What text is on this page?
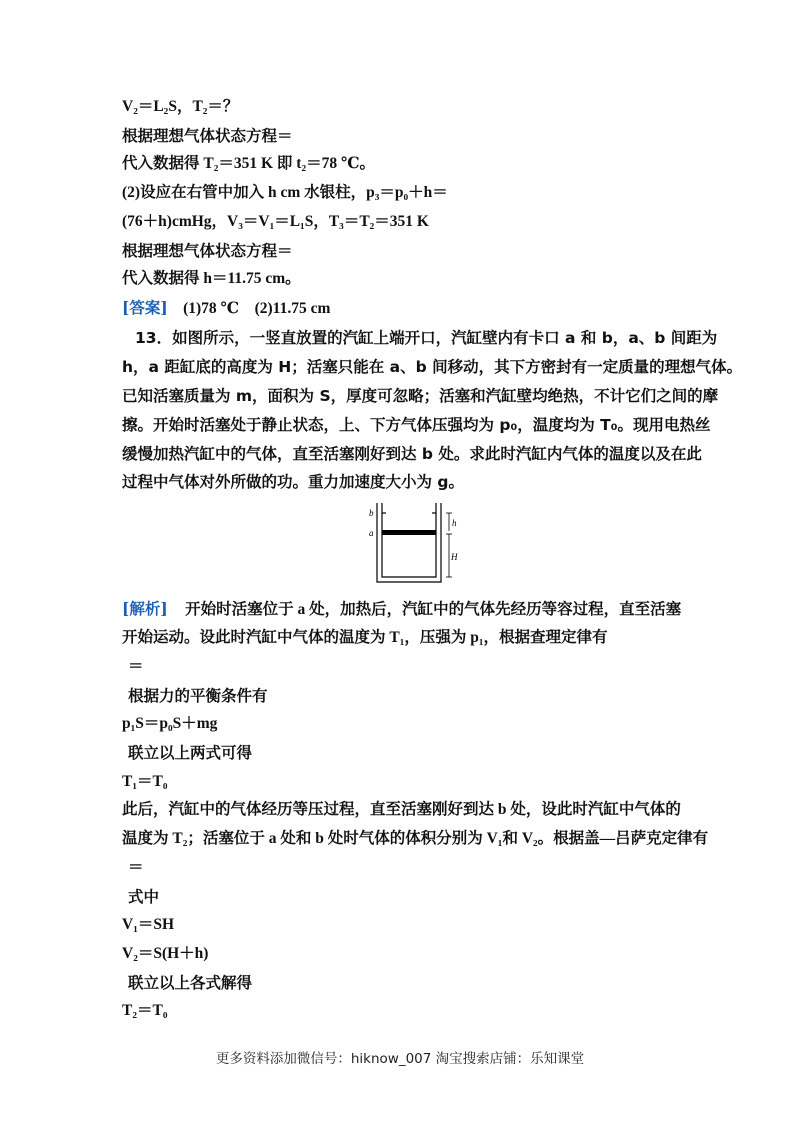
V₂＝L₂S，T₂＝？
根据理想气体状态方程＝
代入数据得 T₂＝351 K 即 t₂＝78 ℃。
(2)设应在右管中加入 h cm 水银柱，p₃＝p₀＋h＝
(76＋h)cmHg，V₃＝V₁＝L₁S，T₃＝T₂＝351 K
根据理想气体状态方程＝
代入数据得 h＝11.75 cm。
[答案] (1)78 ℃　(2)11.75 cm
13．如图所示，一竖直放置的汽缸上端开口，汽缸壁内有卡口 a 和 b，a、b 间距为
h，a 距缸底的高度为 H；活塞只能在 a、b 间移动，其下方密封有一定质量的理想气体。
已知活塞质量为 m，面积为 S，厚度可忽略；活塞和汽缸壁均绝热，不计它们之间的摩
擦。开始时活塞处于静止状态，上、下方气体压强均为 p₀，温度均为 T₀。现用电热丝
缓慢加热汽缸中的气体，直至活塞刚好到达 b 处。求此时汽缸内气体的温度以及在此
过程中气体对外所做的功。重力加速度大小为 g。
b
a
h
H
[解析] 开始时活塞位于 a 处，加热后，汽缸中的气体先经历等容过程，直至活塞
开始运动。设此时汽缸中气体的温度为 T₁，压强为 p₁，根据查理定律有
＝
根据力的平衡条件有
p₁S＝p₀S＋mg
联立以上两式可得
T₁＝T₀
此后，汽缸中的气体经历等压过程，直至活塞刚好到达 b 处，设此时汽缸中气体的
温度为 T₂；活塞位于 a 处和 b 处时气体的体积分别为 V₁和 V₂。根据盖—吕萨克定律有
＝
式中
V₁＝SH
V₂＝S(H＋h)
联立以上各式解得
T₂＝T₀
更多资料添加微信号：hiknow_007 淘宝搜索店铺：乐知课堂
